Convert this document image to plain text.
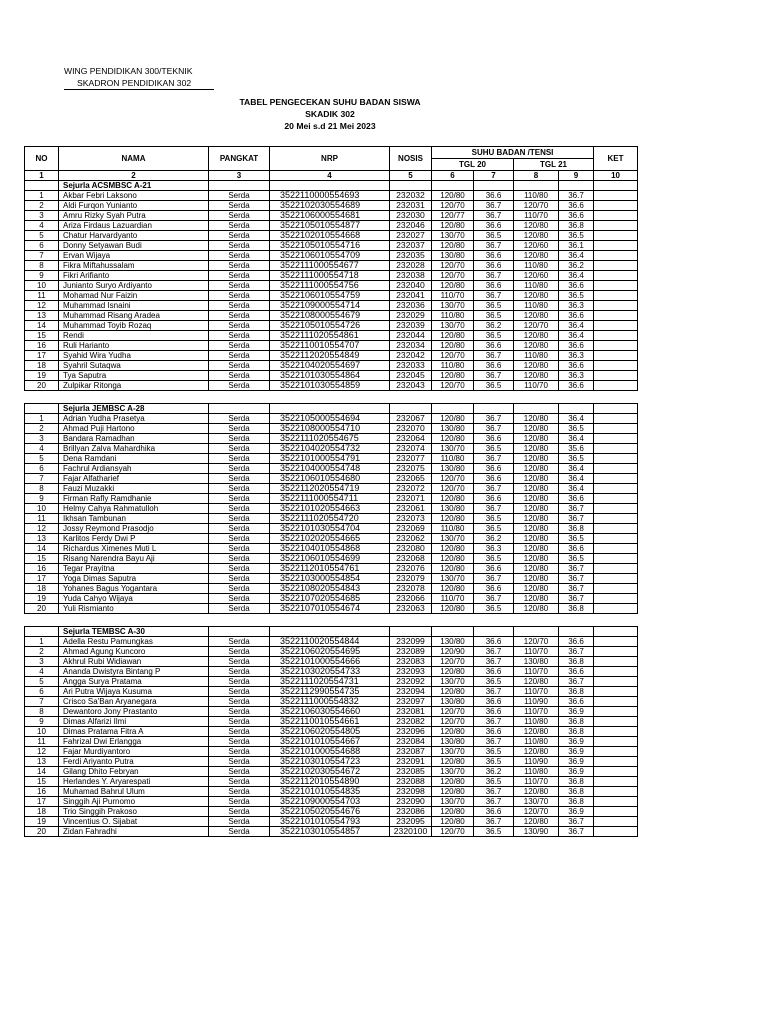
WING PENDIDIKAN 300/TEKNIK
SKADRON PENDIDIKAN 302
TABEL PENGECEKAN SUHU BADAN SISWA
SKADIK 302
20 Mei s.d 21 Mei 2023
NO	NAMA	PANGKAT	NRP	NOSIS	SUHU BADAN /TENSI				KET
					TGL 20		TGL 21		
1	2	3	4	5	6	7	8	9	10
	Sejurla ACSMBSC A-21								
1	Akbar Febri Laksono	Serda	3522110000554693	232032	120/80	36.6	110/80	36.7	
2	Aldi Furqon Yunianto	Serda	3522102030554689	232031	120/70	36.7	120/70	36.6	
3	Amru Rizky Syah Putra	Serda	3522106000554681	232030	120/77	36.7	110/70	36.6	
4	Ariza Firdaus Lazuardian	Serda	3522105010554877	232046	120/80	36.6	120/80	36.8	
5	Chatur Harvardyanto	Serda	3522102010554668	232027	130/70	36.5	120/80	36.5	
6	Donny Setyawan Budi	Serda	3522105010554716	232037	120/80	36.7	120/60	36.1	
7	Ervan Wijaya	Serda	3522106010554709	232035	130/80	36.6	120/80	36.4	
8	Fikra Miftahussalam	Serda	3522111000554677	232028	120/70	36.6	110/80	36.2	
9	Fikri Arifianto	Serda	3522111000554718	232038	120/70	36.7	120/60	36.4	
10	Junianto Suryo Ardiyanto	Serda	3522111000554756	232040	120/80	36.6	110/80	36.6	
11	Mohamad Nur Faizin	Serda	3522106010554759	232041	110/70	36.7	120/80	36.5	
12	Muhammad Isnaini	Serda	3522109000554714	232036	130/70	36.5	110/80	36.3	
13	Muhammad Risang Aradea	Serda	3522108000554679	232029	110/80	36.5	120/80	36.6	
14	Muhammad Toyib Rozaq	Serda	3522105010554726	232039	130/70	36.2	120/70	36.4	
15	Rendi	Serda	3522111020554861	232044	120/80	36.5	120/80	36.4	
16	Ruli Harianto	Serda	3522110010554707	232034	120/80	36.6	120/80	36.6	
17	Syahid Wira Yudha	Serda	3522112020554849	232042	120/70	36.7	110/80	36.3	
18	Syahril Sutaqwa	Serda	3522104020554697	232033	110/80	36.6	120/80	36.6	
19	Tya Saputra	Serda	3522101030554864	232045	120/80	36.7	120/80	36.3	
20	Zulpikar Ritonga	Serda	3522101030554859	232043	120/70	36.5	110/70	36.6	

	Sejurla JEMBSC A-28								
1	Adrian Yudha Prasetya	Serda	3522105000554694	232067	120/80	36.7	120/80	36.4	
2	Ahmad Puji Hartono	Serda	3522108000554710	232070	130/80	36.7	120/80	36.5	
3	Bandara Ramadhan	Serda	3522111020554675	232064	120/80	36.6	120/80	36.4	
4	Brillyan Zalva Mahardhika	Serda	3522104020554732	232074	130/70	36.5	120/80	35.6	
5	Dena Ramdani	Serda	3522101000554791	232077	110/80	36.7	120/80	36.5	
6	Fachrul Ardiansyah	Serda	3522104000554748	232075	130/80	36.6	120/80	36.4	
7	Fajar Alfatharief	Serda	3522106010554680	232065	120/70	36.6	120/80	36.4	
8	Fauzi Muzakki	Serda	3522112020554719	232072	120/70	36.7	120/80	36.4	
9	Firman Rafly Ramdhanie	Serda	3522111000554711	232071	120/80	36.6	120/80	36.6	
10	Helmy Cahya Rahmatulloh	Serda	3522101020554663	232061	130/80	36.7	120/80	36.7	
11	Ikhsan Tambunan	Serda	3522111020554720	232073	120/80	36.5	120/80	36.7	
12	Jossy Reymond Prasodjo	Serda	3522101030554704	232069	110/80	36.5	120/80	36.8	
13	Karlitos Ferdy Dwi P	Serda	3522102020554665	232062	130/70	36.2	120/80	36.5	
14	Richardus Ximenes Muti L	Serda	3522104010554868	232080	120/80	36.3	120/80	36.6	
15	Risang Narendra Bayu Aji	Serda	3522106010554699	232068	120/80	36.5	120/80	36.5	
16	Tegar Prayitna	Serda	3522112010554761	232076	120/80	36.6	120/80	36.7	
17	Yoga Dimas Saputra	Serda	3522103000554854	232079	130/70	36.7	120/80	36.7	
18	Yohanes Bagus Yogantara	Serda	3522108020554843	232078	120/80	36.6	120/80	36.7	
19	Yuda Cahyo Wijaya	Serda	3522107020554685	232066	110/70	36.7	120/80	36.7	
20	Yuli Rismianto	Serda	3522107010554674	232063	120/80	36.5	120/80	36.8	

	Sejurla TEMBSC A-30								
1	Adella Restu Pamungkas	Serda	3522110020554844	232099	130/80	36.6	120/70	36.6	
2	Ahmad Agung Kuncoro	Serda	3522106020554695	232089	120/90	36.7	110/70	36.7	
3	Akhrul Rubi Widiawan	Serda	3522101000554666	232083	120/70	36.7	130/80	36.8	
4	Ananda Dwistyra Bintang P	Serda	3522103020554733	232093	120/80	36.6	110/70	36.6	
5	Angga Surya Pratama	Serda	3522111020554731	232092	130/70	36.5	120/80	36.7	
6	Ari Putra Wijaya Kusuma	Serda	3522112990554735	232094	120/80	36.7	110/70	36.8	
7	Crisco Sa'Ban Aryanegara	Serda	3522111000554832	232097	130/80	36.6	110/90	36.6	
8	Dewantoro Jony Prastanto	Serda	3522106030554660	232081	120/70	36.6	110/70	36.9	
9	Dimas Alfarizi Ilmi	Serda	3522110010554661	232082	120/70	36.7	110/80	36.8	
10	Dimas Pratama Fitra A	Serda	3522106020554805	232096	120/80	36.6	120/80	36.8	
11	Fahrizal Dwi Erlangga	Serda	3522101010554667	232084	130/80	36.7	110/80	36.9	
12	Fajar Murdiyantoro	Serda	3522101000554688	232087	130/70	36.5	120/80	36.9	
13	Ferdi Ariyanto Putra	Serda	3522103010554723	232091	120/80	36.5	110/90	36.9	
14	Gilang Dhito Febryan	Serda	3522102030554672	232085	130/70	36.2	110/80	36.9	
15	Herlandes Y. Aryarespati	Serda	3522112010554890	232088	120/80	36.5	110/70	36.8	
16	Muhamad Bahrul Ulum	Serda	3522101010554835	232098	120/80	36.7	120/80	36.8	
17	Singgih Aji Purnomo	Serda	3522109000554703	232090	130/70	36.7	130/70	36.8	
18	Trio Singgih Prakoso	Serda	3522105020554676	232086	120/80	36.6	120/70	36.9	
19	Vincentius O. Sijabat	Serda	3522101010554793	232095	120/80	36.7	120/80	36.7	
20	Zidan Fahradhi	Serda	3522103010554857	2320100	120/70	36.5	130/90	36.7	
